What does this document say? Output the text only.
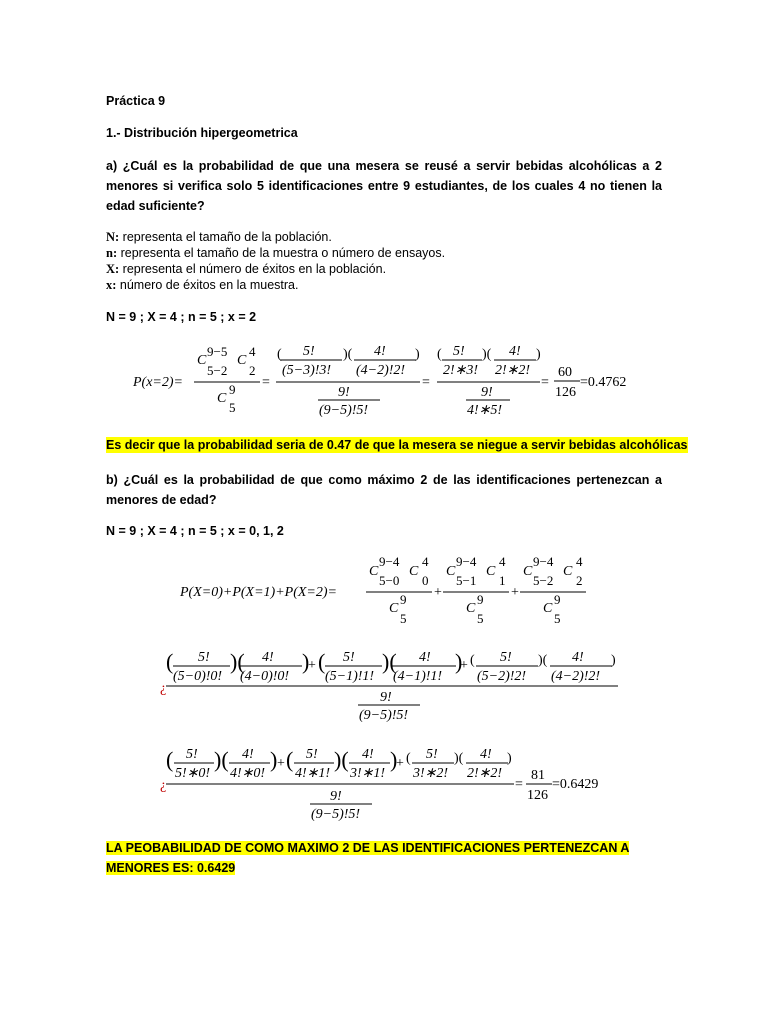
Práctica 9
1.- Distribución hipergeometrica
a) ¿Cuál es la probabilidad de que una mesera se reusé a servir bebidas alcohólicas a 2 menores si verifica solo 5 identificaciones entre 9 estudiantes, de los cuales 4 no tienen la edad suficiente?
N: representa el tamaño de la población.
n: representa el tamaño de la muestra o número de ensayos.
X: representa el número de éxitos en la población.
x: número de éxitos en la muestra.
N = 9 ; X = 4 ; n = 5 ; x = 2
Es decir que la probabilidad seria de 0.47 de que la mesera se niegue a servir bebidas alcohólicas
b) ¿Cuál es la probabilidad de que como máximo 2 de las identificaciones pertenezcan a menores de edad?
N = 9 ; X = 4 ; n = 5 ; x = 0, 1, 2
LA PEOBABILIDAD DE COMO MAXIMO 2 DE LAS IDENTIFICACIONES PERTENEZCAN A MENORES ES: 0.6429
P(x=2)=
C
9−5
5−2
C
4
2
C
9
5
=
( 5!
(5−3)!3!
)( 4!
(4−2)!2!
)
9!
(9−5)!5!
=
( 5!
2!∗3!
)( 4!
2!∗2!
)
9!
4!∗5!
=
60
126
=0.4762
P(X=0)+P(X=1)+P(X=2)=
C
9−4
5−0
C
4
0
C
9
5
+
C
9−4
5−1
C
4
1
C
9
5
+
C
9−4
5−2
C
4
2
C
9
5
¿
( 5!
(5−0)!0!
)( 4!
(4−0)!0!
)
+ ( 5!
(5−1)!1!
)( 4!
(4−1)!1!
)
+ ( 5!
(5−2)!2!
)( 4!
(4−2)!2!
)
9!
(9−5)!5!
¿
( 5!
5!∗0!
)( 4!
4!∗0!
) + ( 5!
4!∗1!
)( 4!
3!∗1!
)
+ ( 5!
3!∗2!
)( 4!
2!∗2!
)
=
9!
(9−5)!5!
81
126
=0.6429
